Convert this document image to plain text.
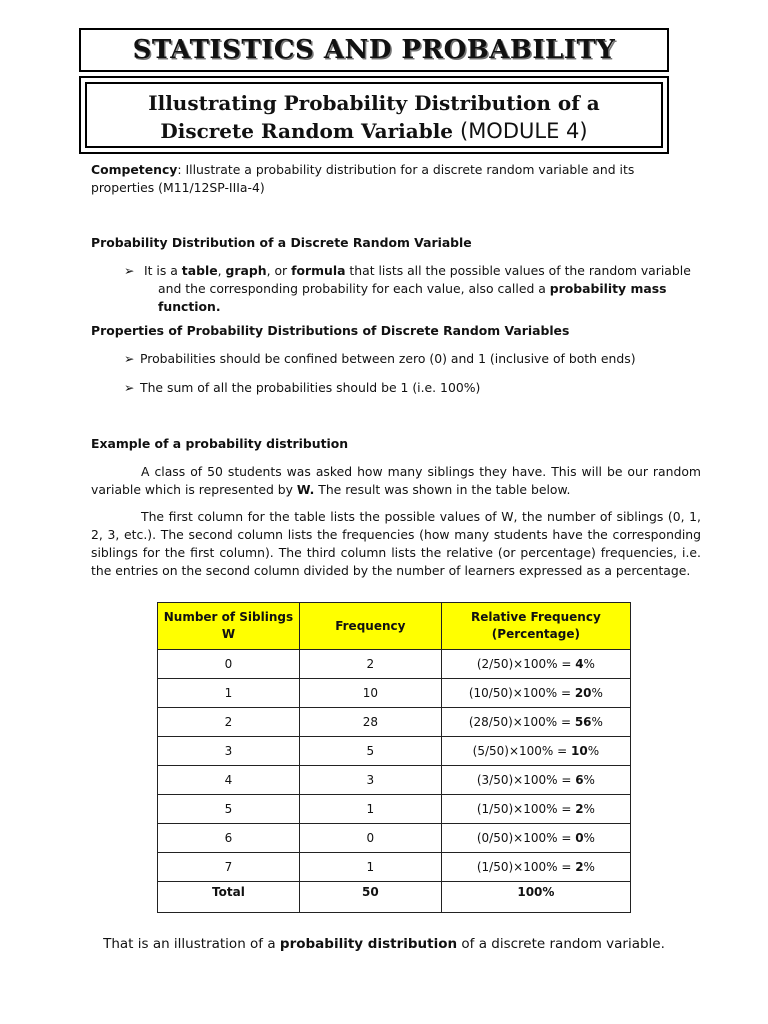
STATISTICS AND PROBABILITY
Illustrating Probability Distribution of a
Discrete Random Variable (MODULE 4)
Competency: Illustrate a probability distribution for a discrete random variable and its properties (M11/12SP-IIIa-4)
Probability Distribution of a Discrete Random Variable
➢ It is a table, graph, or formula that lists all the possible values of the random variable
and the corresponding probability for each value, also called a probability mass
function.
Properties of Probability Distributions of Discrete Random Variables
➢ Probabilities should be confined between zero (0) and 1 (inclusive of both ends)
➢ The sum of all the probabilities should be 1 (i.e. 100%)
Example of a probability distribution
A class of 50 students was asked how many siblings they have. This will be our random variable which is represented by W. The result was shown in the table below.
The first column for the table lists the possible values of W, the number of siblings (0, 1, 2, 3, etc.). The second column lists the frequencies (how many students have the corresponding siblings for the first column). The third column lists the relative (or percentage) frequencies, i.e. the entries on the second column divided by the number of learners expressed as a percentage.
Number of Siblings
W	Frequency	Relative Frequency
(Percentage)
0	2	(2/50)×100% = 4%
1	10	(10/50)×100% = 20%
2	28	(28/50)×100% = 56%
3	5	(5/50)×100% = 10%
4	3	(3/50)×100% = 6%
5	1	(1/50)×100% = 2%
6	0	(0/50)×100% = 0%
7	1	(1/50)×100% = 2%
Total	50	100%
That is an illustration of a probability distribution of a discrete random variable.
